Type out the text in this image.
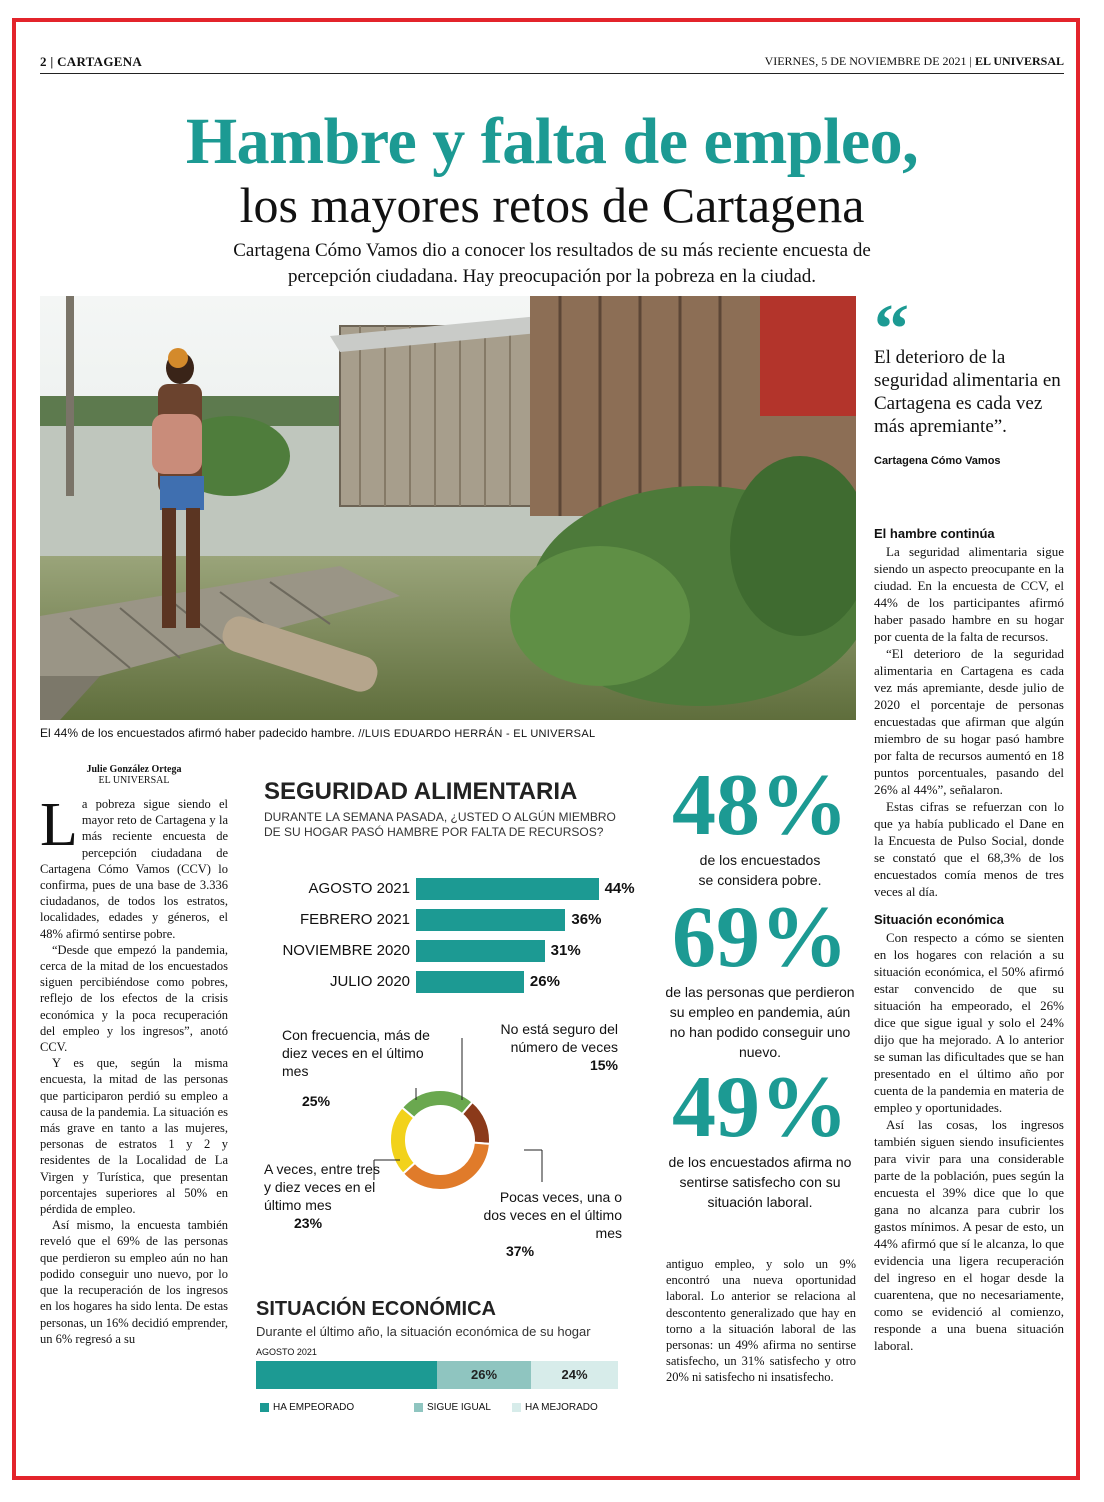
2 | CARTAGENA	VIERNES, 5 DE NOVIEMBRE DE 2021 | EL UNIVERSAL
Hambre y falta de empleo,
los mayores retos de Cartagena
Cartagena Cómo Vamos dio a conocer los resultados de su más reciente encuesta de percepción ciudadana. Hay preocupación por la pobreza en la ciudad.
El 44% de los encuestados afirmó haber padecido hambre. //LUIS EDUARDO HERRÁN - EL UNIVERSAL
“
El deterioro de la seguridad alimentaria en Cartagena es cada vez más apremiante”.
Cartagena Cómo Vamos
El hambre continúa

La seguridad alimentaria sigue siendo un aspecto preocupante en la ciudad. En la encuesta de CCV, el 44% de los participantes afirmó haber pasado hambre en su hogar por cuenta de la falta de recursos.

“El deterioro de la seguridad alimentaria en Cartagena es cada vez más apremiante, desde julio de 2020 el porcentaje de personas encuestadas que afirman que algún miembro de su hogar pasó hambre por falta de recursos aumentó en 18 puntos porcentuales, pasando del 26% al 44%”, señalaron.

Estas cifras se refuerzan con lo que ya había publicado el Dane en la Encuesta de Pulso Social, donde se constató que el 68,3% de los encuestados comía menos de tres veces al día.

Situación económica

Con respecto a cómo se sienten en los hogares con relación a su situación económica, el 50% afirmó estar convencido de que su situación ha empeorado, el 26% dice que sigue igual y solo el 24% dijo que ha mejorado. A lo anterior se suman las dificultades que se han presentado en el último año por cuenta de la pandemia en materia de empleo y oportunidades.

Así las cosas, los ingresos también siguen siendo insuficientes para vivir para una considerable parte de la población, pues según la encuesta el 39% dice que lo que gana no alcanza para cubrir los gastos mínimos. A pesar de esto, un 44% afirmó que sí le alcanza, lo que evidencia una ligera recuperación del ingreso en el hogar desde la cuarentena, que no necesariamente, como se evidenció al comienzo, responde a una buena situación laboral.

Julie González Ortega
EL UNIVERSAL
L a pobreza sigue siendo el mayor reto de Cartagena y la más reciente encuesta de percepción ciudadana de Cartagena Cómo Vamos (CCV) lo confirma, pues de una base de 3.336 ciudadanos, de todos los estratos, localidades, edades y géneros, el 48% afirmó sentirse pobre.

“Desde que empezó la pandemia, cerca de la mitad de los encuestados siguen percibiéndose como pobres, reflejo de los efectos de la crisis económica y la poca recuperación del empleo y los ingresos”, anotó CCV.

Y es que, según la misma encuesta, la mitad de las personas que participaron perdió su empleo a causa de la pandemia. La situación es más grave en tanto a las mujeres, personas de estratos 1 y 2 y residentes de la Localidad de La Virgen y Turística, que presentan porcentajes superiores al 50% en pérdida de empleo.

Así mismo, la encuesta también reveló que el 69% de las personas que perdieron su empleo aún no han podido conseguir uno nuevo, por lo que la recuperación de los ingresos en los hogares ha sido lenta. De estas personas, un 16% decidió emprender, un 6% regresó a su

SEGURIDAD ALIMENTARIA
DURANTE LA SEMANA PASADA, ¿USTED O ALGÚN MIEMBRO DE SU HOGAR PASÓ HAMBRE POR FALTA DE RECURSOS?
AGOSTO 2021	44%
FEBRERO 2021	36%
NOVIEMBRE 2020	31%
JULIO 2020	26%
Con frecuencia, más de diez veces en el último mes

25%
No está seguro del número de veces
15%
A veces, entre tres y diez veces en el último mes
23%
Pocas veces, una o dos veces en el último mes

37%
SITUACIÓN ECONÓMICA
Durante el último año, la situación económica de su hogar
AGOSTO 2021
26%	24%
HA EMPEORADO	SIGUE IGUAL	HA MEJORADO
48%
de los encuestados se considera pobre.
69%
de las personas que perdieron su empleo en pandemia, aún no han podido conseguir uno nuevo.
49%
de los encuestados afirma no sentirse satisfecho con su situación laboral.

antiguo empleo, y solo un 9% encontró una nueva oportunidad laboral. Lo anterior se relaciona al descontento generalizado que hay en torno a la situación laboral de las personas: un 49% afirma no sentirse satisfecho, un 31% satisfecho y otro 20% ni satisfecho ni insatisfecho.
